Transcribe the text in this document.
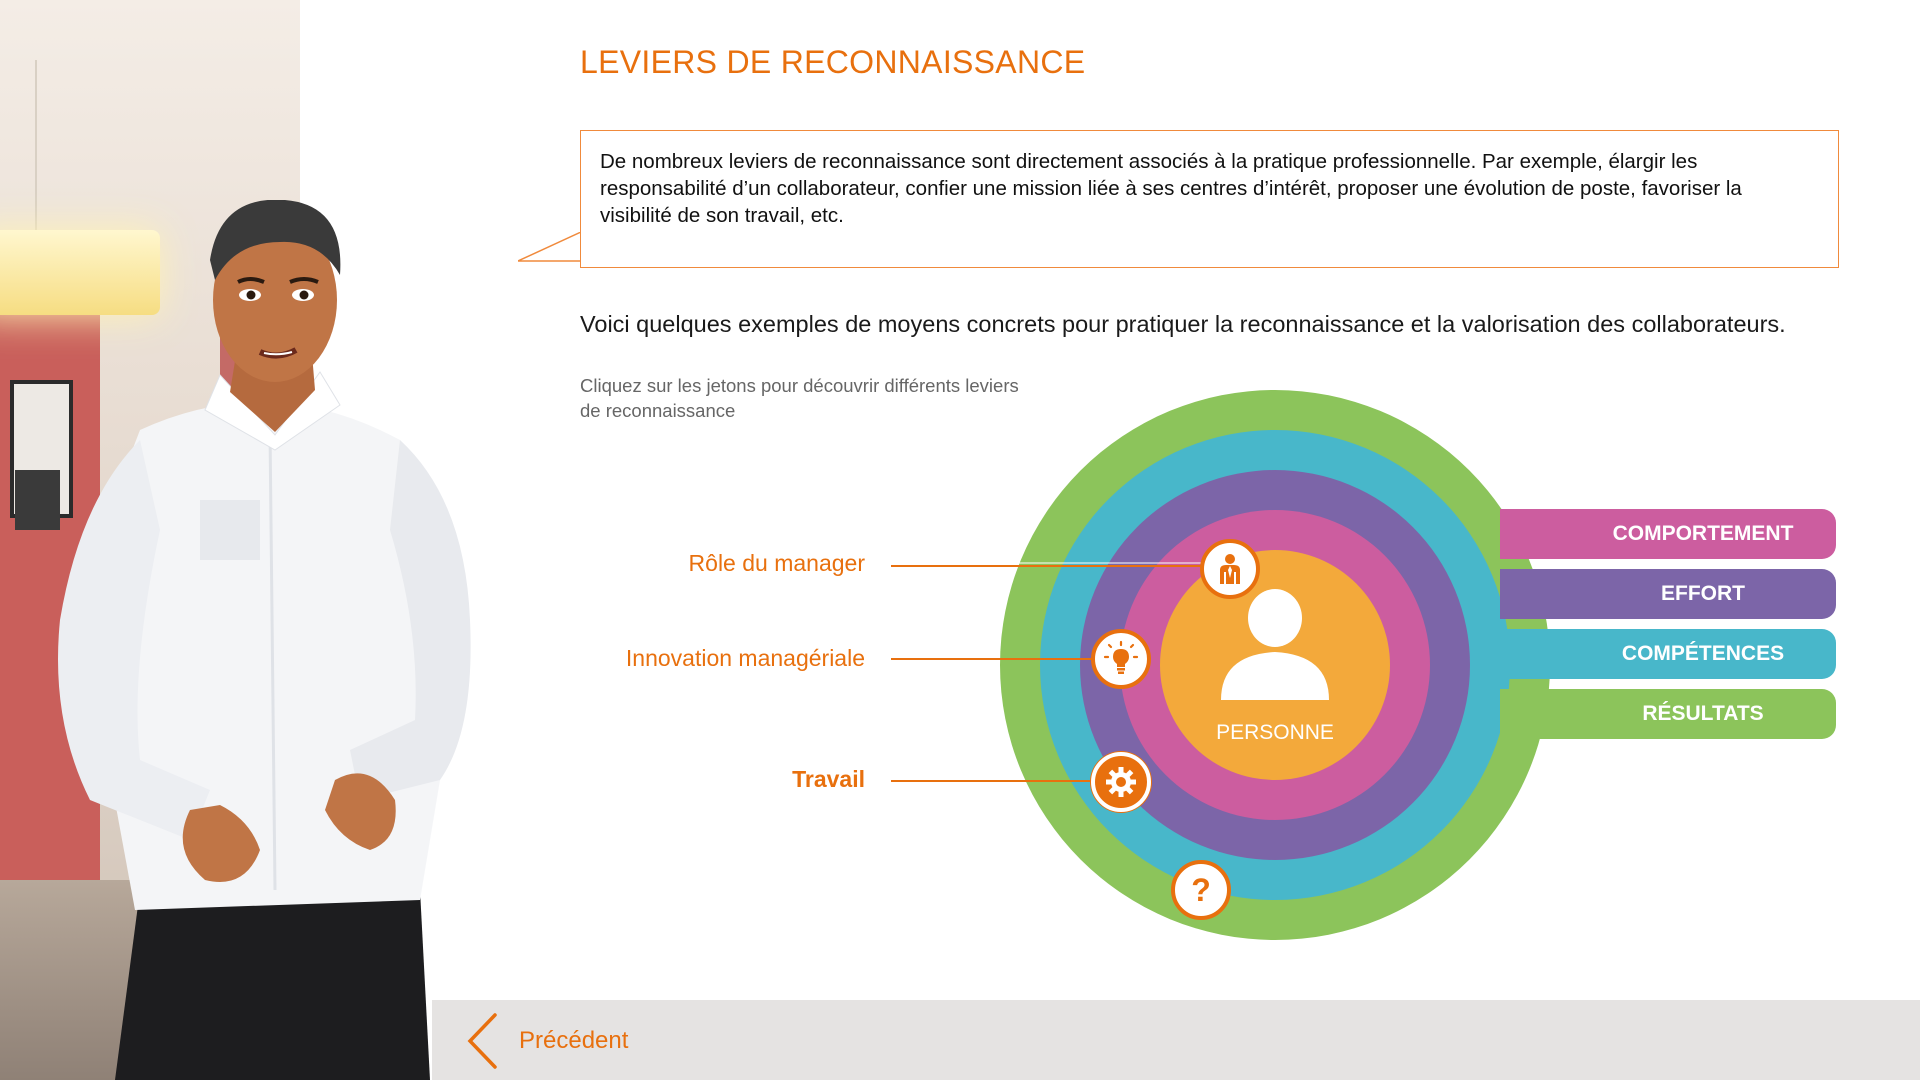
LEVIERS DE RECONNAISSANCE
De nombreux leviers de reconnaissance sont directement associés à la pratique professionnelle. Par exemple, élargir les responsabilité d’un collaborateur, confier une mission liée à ses centres d’intérêt, proposer une évolution de poste, favoriser la visibilité de son travail, etc.
Voici quelques exemples de moyens concrets pour pratiquer la reconnaissance et la valorisation des collaborateurs.
Cliquez sur les jetons pour découvrir différents leviers de reconnaissance
COMPORTEMENT
EFFORT
COMPÉTENCES
RÉSULTATS
PERSONNE
Rôle du manager
Innovation managériale
Travail
?
Précédent
